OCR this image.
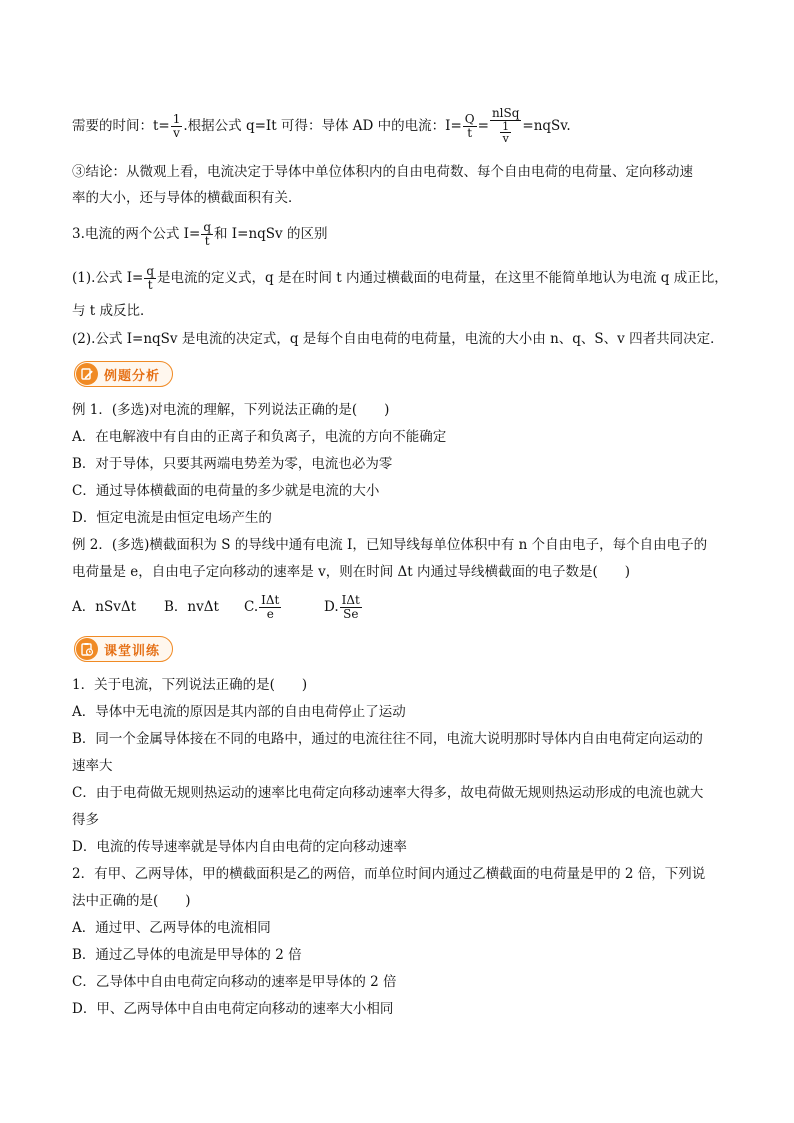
需要的时间：$t= \frac{1}{v}$ .根据公式 q=It 可得：导体 AD 中的电流：$I= \frac{Q}{t} = \frac{\text{nlSq}}{\frac{1}{v}}$ =nqSv.
③结论：从微观上看，电流决定于导体中单位体积内的自由电荷数、每个自由电荷的电荷量、定向移动速
率的大小，还与导体的横截面积有关．
3.电流的两个公式 $I= \frac{q}{t}$ 和 I=nqSv 的区别
(1).公式 $I= \frac{q}{t}$ 是电流的定义式，q 是在时间 t 内通过横截面的电荷量，在这里不能简单地认为电流 q 成正比，
与 t 成反比．
(2).公式 I=nqSv 是电流的决定式，q 是每个自由电荷的电荷量，电流的大小由 n、q、S、v 四者共同决定．
例题分析
例 1．(多选)对电流的理解，下列说法正确的是(　　)
A．在电解液中有自由的正离子和负离子，电流的方向不能确定
B．对于导体，只要其两端电势差为零，电流也必为零
C．通过导体横截面的电荷量的多少就是电流的大小
D．恒定电流是由恒定电场产生的
例 2．(多选)横截面积为 S 的导线中通有电流 I，已知导线每单位体积中有 n 个自由电子，每个自由电子的
电荷量是 e，自由电子定向移动的速率是 v，则在时间 Δt 内通过导线横截面的电子数是(　　)
A．nSvΔt	B．nvΔt	C. $\frac{\text{IΔt}}{e}$	D. $\frac{\text{IΔt}}{Se}$
课堂训练
1．关于电流，下列说法正确的是(　　)
A．导体中无电流的原因是其内部的自由电荷停止了运动
B．同一个金属导体接在不同的电路中，通过的电流往往不同，电流大说明那时导体内自由电荷定向运动的
速率大
C．由于电荷做无规则热运动的速率比电荷定向移动速率大得多，故电荷做无规则热运动形成的电流也就大
得多
D．电流的传导速率就是导体内自由电荷的定向移动速率
2．有甲、乙两导体，甲的横截面积是乙的两倍，而单位时间内通过乙横截面的电荷量是甲的 2 倍，下列说
法中正确的是(　　)
A．通过甲、乙两导体的电流相同
B．通过乙导体的电流是甲导体的 2 倍
C．乙导体中自由电荷定向移动的速率是甲导体的 2 倍
D．甲、乙两导体中自由电荷定向移动的速率大小相同
